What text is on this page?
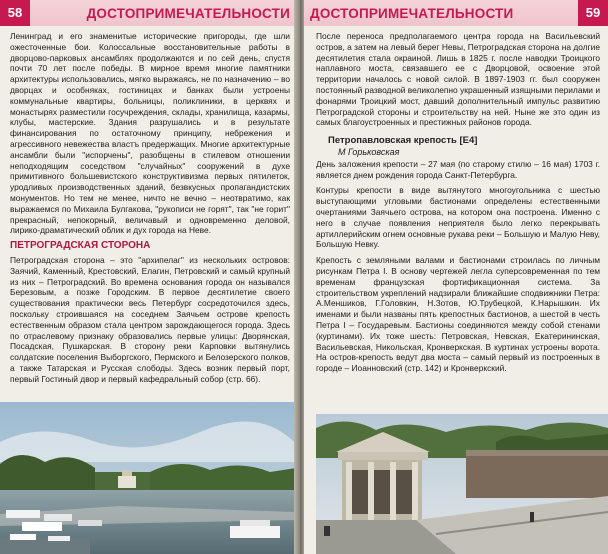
58	ДОСТОПРИМЕЧАТЕЛЬНОСТИ

Ленинград и его знаменитые исторические пригороды, где шли ожесточенные бои. Колоссальные восстановительные работы в дворцово-парковых ансамблях продолжаются и по сей день, спустя почти 70 лет после победы. В мирное время многие памятники архитектуры использовались, мягко выражаясь, не по назначению – во дворцах и особняках, гостиницах и банках были устроены коммунальные квартиры, больницы, поликлиники, в церквях и монастырях разместили госучреждения, склады, хранилища, казармы, клубы, мастерские. Здания разрушались и в результате финансирования по остаточному принципу, небрежения и агрессивного невежества властъ предержащих. Многие архитектурные ансамбли были "испорчены", разобщены в стилевом отношении неподходящим соседством "случайных" сооружений в духе примитивного большевистского конструктивизма первых пятилеток, уродливых производственных зданий, безвкусных пропагандистских монументов. Но тем не менее, ничто не вечно – неотвратимо, как выражаемся по Михаила Булгакова, "рукописи не горят", так "не горит" прекрасный, непокорный, величавый и одновременно деловой, лирико-драматический облик и дух города на Неве.

ПЕТРОГРАДСКАЯ СТОРОНА

Петроградская сторона – это "архипелаг" из нескольких островов: Заячий, Каменный, Крестовский, Елагин, Петровский и самый крупный из них – Петроградский. Во времена основания города он назывался Березовым, а позже Городским. В первое десятилетие своего существования практически весь Петербург сосредоточился здесь, поскольку строившаяся на соседнем Заячьем острове крепость естественным образом стала центром зарождающегося города. Здесь по отраслевому признаку образовались первые улицы: Дворянская, Посадская, Пушкарская. В сторону реки Карповки вытянулись солдатские поселения Выборгского, Пермского и Белозерского полков, а также Татарская и Русская слободы. Здесь возник первый порт, первый Гостиный двор и первый кафедральный собор (стр. 66).

ДОСТОПРИМЕЧАТЕЛЬНОСТИ	59

После переноса предполагаемого центра города на Васильевский остров, а затем на левый берег Невы, Петроградская сторона на долгие десятилетия стала окраиной. Лишь в 1825 г. после наводки Троицкого наплавного моста, связавшего ее с Дворцовой, освоение этой территории началось с новой силой. В 1897-1903 гг. был сооружен постоянный разводной великолепно украшенный изящными перилами и фонарями Троицкий мост, давший дополнительный импульс развитию Петроградской стороны и строительству на ней. Ныне же это один из самых благоустроенных и престижных районов города.

Петропавловская крепость [E4]
М Горьковская

День заложения крепости – 27 мая (по старому стилю – 16 мая) 1703 г. является днем рождения города Санкт-Петербурга.

Контуры крепости в виде вытянутого многоугольника с шестью выступающими угловыми бастионами определены естественными очертаниями Заячьего острова, на котором она построена. Именно с него в случае появления неприятеля было легко перекрывать артиллерийским огнем основные рукава реки – Большую и Малую Неву, Большую Невку.

Крепость с земляными валами и бастионами строилась по личным рисункам Петра I. В основу чертежей легла суперсовременная по тем временам французская фортификационная система. За строительством укреплений надзирали ближайшие сподвижники Петра: А.Меншиков, Г.Головкин, Н.Зотов, Ю.Трубецкой, К.Нарышкин. Их именами и были названы пять крепостных бастионов, а шестой в честь Петра I – Государевым. Бастионы соединяются между собой стенами (куртинами). Их тоже шесть: Петровская, Невская, Екатерининская, Васильевская, Никольская, Кронверкская. В куртинах устроены ворота. На остров-крепость ведут два моста – самый первый из построенных в городе – Иоанновский (стр. 142) и Кронверкский.
